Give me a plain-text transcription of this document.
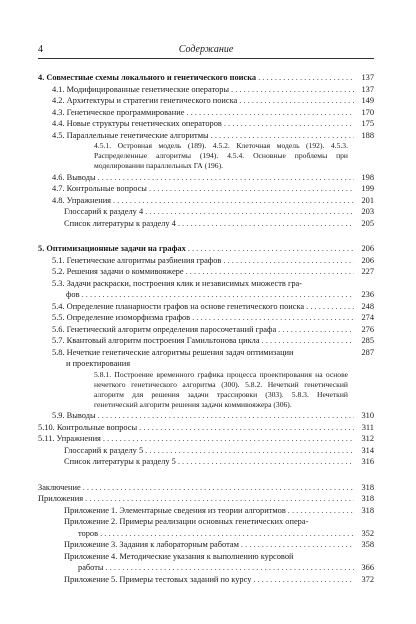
4	Содержание
4. Совместные схемы локального и генетического поиска . . .	137
4.1. Модифицированные генетические операторы . . .	137
4.2. Архитектуры и стратегии генетического поиска . . .	149
4.3. Генетическое программирование . . .	170
4.4. Новые структуры генетических операторов . . .	175
4.5. Параллельные генетические алгоритмы . . .	188
4.5.1. Островная модель (189). 4.5.2. Клеточная модель (192). 4.5.3. Распределенные алгоритмы (194). 4.5.4. Основные проблемы при моделировании параллельных ГА (196).
4.6. Выводы . . .	198
4.7. Контрольные вопросы . . .	199
4.8. Упражнения . . .	201
Глоссарий к разделу 4 . . .	203
Список литературы к разделу 4 . . .	205
5. Оптимизационные задачи на графах . . .	206
5.1. Генетические алгоритмы разбиения графов . . .	206
5.2. Решения задачи о коммивояжере . . .	227
5.3. Задачи раскраски, построения клик и независимых множеств гра-
фов . . .	236
5.4. Определение планарности графов на основе генетического поиска . . .	248
5.5. Определение изоморфизма графов . . .	274
5.6. Генетический алгоритм определения паросочетаний графа . . .	276
5.7. Квантовый алгоритм построения Гамильтонова цикла . . .	285
5.8. Нечеткие генетические алгоритмы решения задач оптимизации	287
и проектирования
5.8.1. Построение временного графика процесса проектирования на основе нечеткого генетического алгоритма (300). 5.8.2. Нечеткий генетический алгоритм для решения задачи трассировки (303). 5.8.3. Нечеткий генетический алгоритм решения задачи коммивояжера (306).
5.9. Выводы . . .	310
5.10. Контрольные вопросы . . .	311
5.11. Упражнения . . .	312
Глоссарий к разделу 5 . . .	314
Список литературы к разделу 5 . . .	316
Заключение . . .	318
Приложения . . .	318
Приложение 1. Элементарные сведения из теории алгоритмов . . .	318
Приложение 2. Примеры реализации основных генетических опера-
торов . . .	352
Приложение 3. Задания к лабораторным работам . . .	358
Приложение 4. Методические указания к выполнению курсовой
работы . . .	366
Приложение 5. Примеры тестовых заданий по курсу . . .	372
